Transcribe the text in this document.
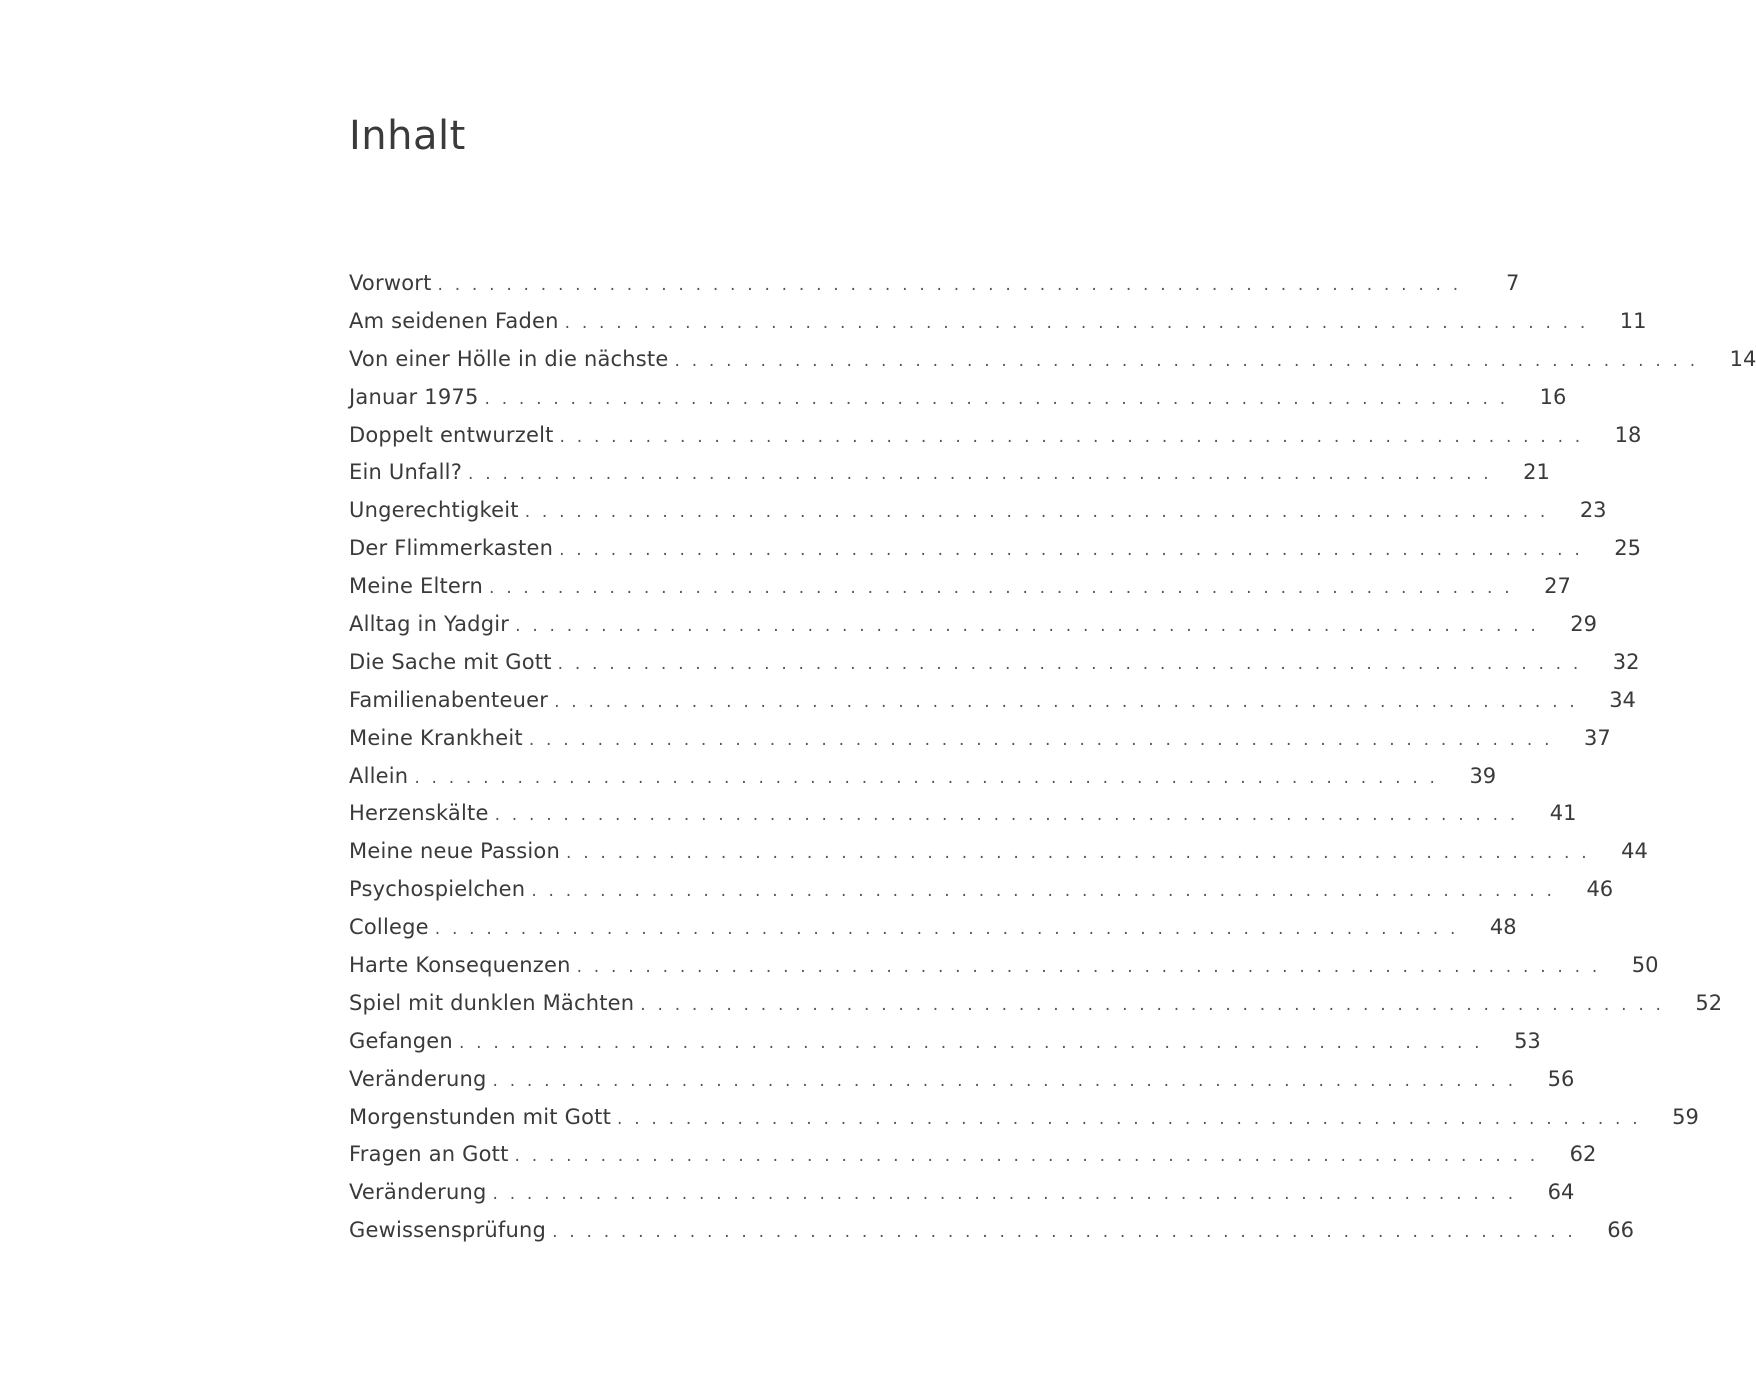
Inhalt
Vorwort . . . . . . . . . . . . . . . . . . . . . . . . . . . . . . . . . . . . . . . . . . . . . . . . . . . . . . . . . . . .	7
Am seidenen Faden . . . . . . . . . . . . . . . . . . . . . . . . . . . . . . . . . . . . . . . . . . . . . . . . . . . . . . . . . . . .	11
Von einer Hölle in die nächste . . . . . . . . . . . . . . . . . . . . . . . . . . . . . . . . . . . . . . . . . . . . . . . . . . . . . . . . . . . .	14
Januar 1975 . . . . . . . . . . . . . . . . . . . . . . . . . . . . . . . . . . . . . . . . . . . . . . . . . . . . . . . . . . . .	16
Doppelt entwurzelt . . . . . . . . . . . . . . . . . . . . . . . . . . . . . . . . . . . . . . . . . . . . . . . . . . . . . . . . . . . .	18
Ein Unfall? . . . . . . . . . . . . . . . . . . . . . . . . . . . . . . . . . . . . . . . . . . . . . . . . . . . . . . . . . . . .	21
Ungerechtigkeit . . . . . . . . . . . . . . . . . . . . . . . . . . . . . . . . . . . . . . . . . . . . . . . . . . . . . . . . . . . .	23
Der Flimmerkasten . . . . . . . . . . . . . . . . . . . . . . . . . . . . . . . . . . . . . . . . . . . . . . . . . . . . . . . . . . . .	25
Meine Eltern . . . . . . . . . . . . . . . . . . . . . . . . . . . . . . . . . . . . . . . . . . . . . . . . . . . . . . . . . . . .	27
Alltag in Yadgir . . . . . . . . . . . . . . . . . . . . . . . . . . . . . . . . . . . . . . . . . . . . . . . . . . . . . . . . . . . .	29
Die Sache mit Gott . . . . . . . . . . . . . . . . . . . . . . . . . . . . . . . . . . . . . . . . . . . . . . . . . . . . . . . . . . . .	32
Familienabenteuer . . . . . . . . . . . . . . . . . . . . . . . . . . . . . . . . . . . . . . . . . . . . . . . . . . . . . . . . . . . .	34
Meine Krankheit . . . . . . . . . . . . . . . . . . . . . . . . . . . . . . . . . . . . . . . . . . . . . . . . . . . . . . . . . . . .	37
Allein . . . . . . . . . . . . . . . . . . . . . . . . . . . . . . . . . . . . . . . . . . . . . . . . . . . . . . . . . . . .	39
Herzenskälte . . . . . . . . . . . . . . . . . . . . . . . . . . . . . . . . . . . . . . . . . . . . . . . . . . . . . . . . . . . .	41
Meine neue Passion . . . . . . . . . . . . . . . . . . . . . . . . . . . . . . . . . . . . . . . . . . . . . . . . . . . . . . . . . . . .	44
Psychospielchen . . . . . . . . . . . . . . . . . . . . . . . . . . . . . . . . . . . . . . . . . . . . . . . . . . . . . . . . . . . .	46
College . . . . . . . . . . . . . . . . . . . . . . . . . . . . . . . . . . . . . . . . . . . . . . . . . . . . . . . . . . . .	48
Harte Konsequenzen . . . . . . . . . . . . . . . . . . . . . . . . . . . . . . . . . . . . . . . . . . . . . . . . . . . . . . . . . . . .	50
Spiel mit dunklen Mächten . . . . . . . . . . . . . . . . . . . . . . . . . . . . . . . . . . . . . . . . . . . . . . . . . . . . . . . . . . . .	52
Gefangen . . . . . . . . . . . . . . . . . . . . . . . . . . . . . . . . . . . . . . . . . . . . . . . . . . . . . . . . . . . .	53
Veränderung . . . . . . . . . . . . . . . . . . . . . . . . . . . . . . . . . . . . . . . . . . . . . . . . . . . . . . . . . . . .	56
Morgenstunden mit Gott . . . . . . . . . . . . . . . . . . . . . . . . . . . . . . . . . . . . . . . . . . . . . . . . . . . . . . . . . . . .	59
Fragen an Gott . . . . . . . . . . . . . . . . . . . . . . . . . . . . . . . . . . . . . . . . . . . . . . . . . . . . . . . . . . . .	62
Veränderung . . . . . . . . . . . . . . . . . . . . . . . . . . . . . . . . . . . . . . . . . . . . . . . . . . . . . . . . . . . .	64
Gewissensprüfung . . . . . . . . . . . . . . . . . . . . . . . . . . . . . . . . . . . . . . . . . . . . . . . . . . . . . . . . . . . .	66
